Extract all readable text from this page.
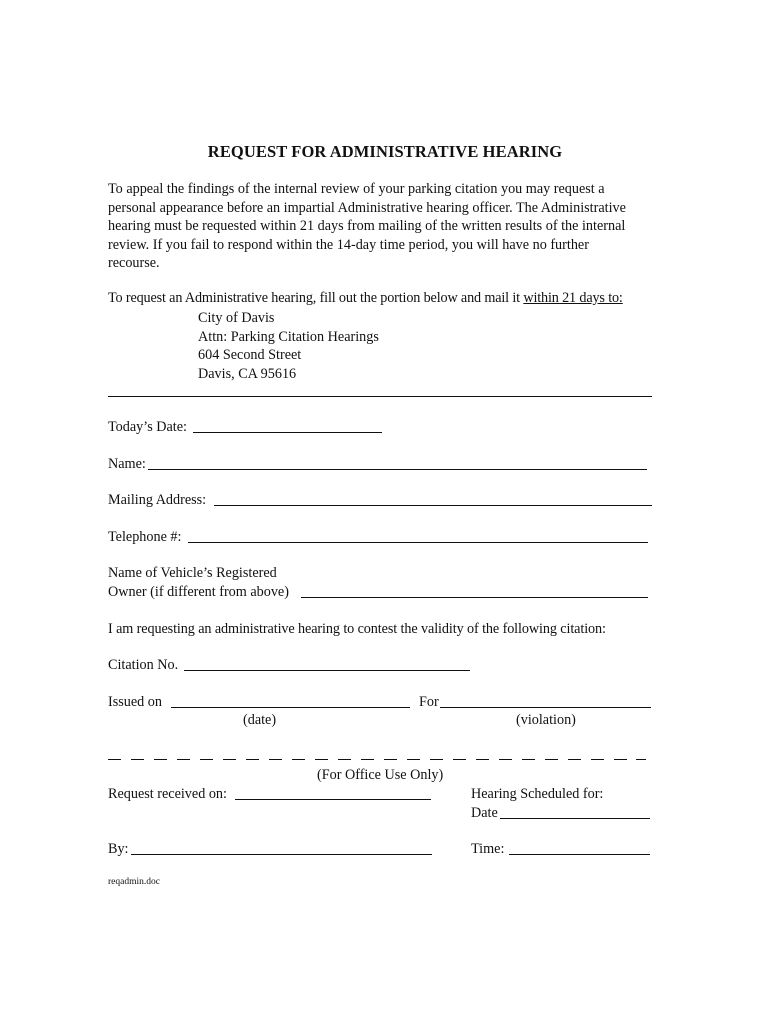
REQUEST FOR ADMINISTRATIVE HEARING
To appeal the findings of the internal review of your parking citation you may request a
personal appearance before an impartial Administrative hearing officer. The Administrative
hearing must be requested within 21 days from mailing of the written results of the internal
review. If you fail to respond within the 14-day time period, you will have no further
recourse.
To request an Administrative hearing, fill out the portion below and mail it within 21 days to:
City of Davis
Attn: Parking Citation Hearings
604 Second Street
Davis, CA 95616
Today’s Date:
Name:
Mailing Address:
Telephone #:
Name of Vehicle’s Registered
Owner (if different from above)
I am requesting an administrative hearing to contest the validity of the following citation:
Citation No.
Issued on	For
(date)	(violation)
(For Office Use Only)
Request received on:	Hearing Scheduled for:
Date
By:	Time:
reqadmin.doc
